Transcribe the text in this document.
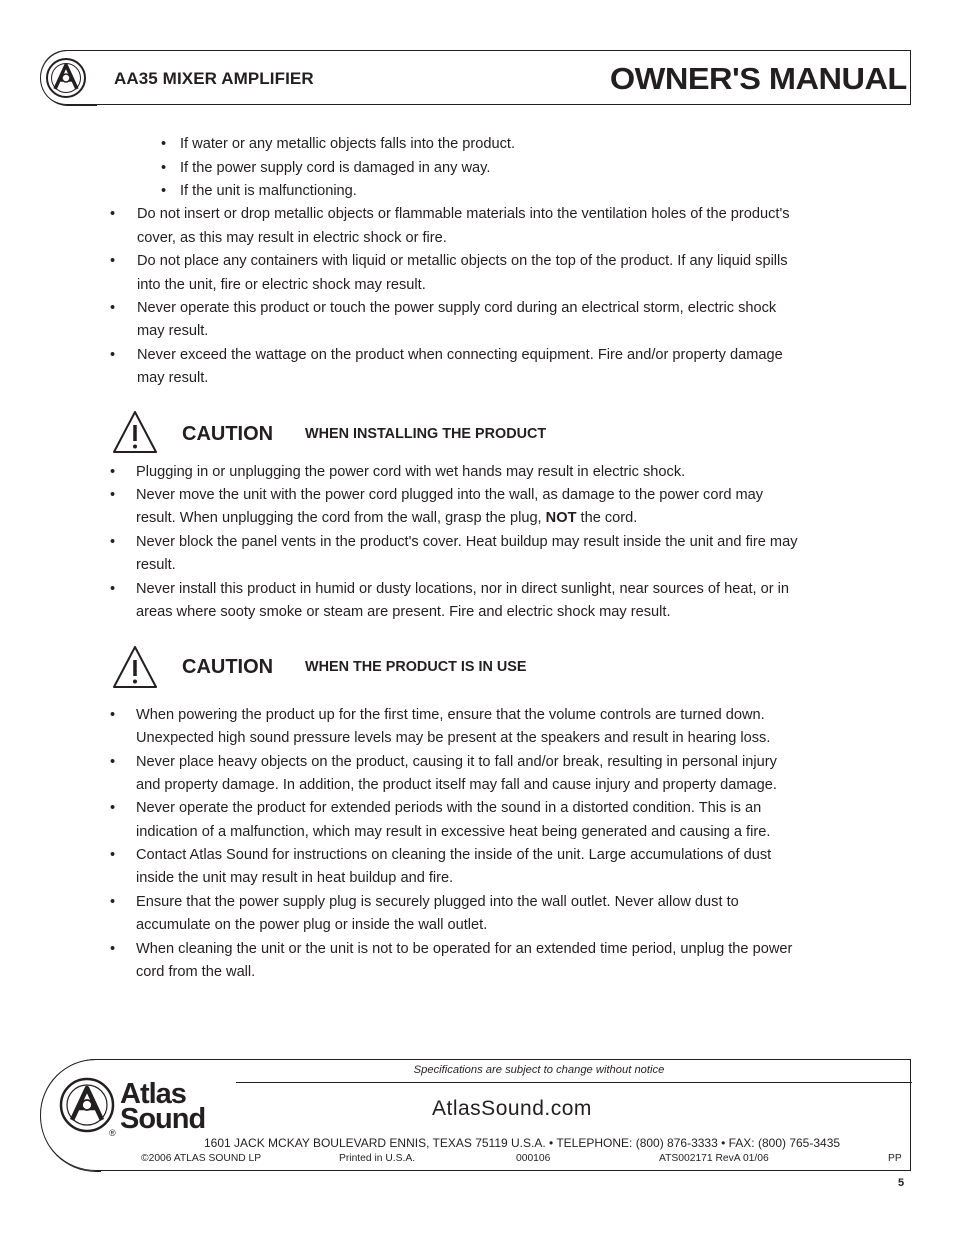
AA35 MIXER AMPLIFIER	OWNER'S MANUAL
• If water or any metallic objects falls into the product.
• If the power supply cord is damaged in any way.
• If the unit is malfunctioning.
• Do not insert or drop metallic objects or flammable materials into the ventilation holes of the product's
cover, as this may result in electric shock or fire.
• Do not place any containers with liquid or metallic objects on the top of the product. If any liquid spills
into the unit, fire or electric shock may result.
• Never operate this product or touch the power supply cord during an electrical storm, electric shock
may result.
• Never exceed the wattage on the product when connecting equipment. Fire and/or property damage
may result.
CAUTION WHEN INSTALLING THE PRODUCT
• Plugging in or unplugging the power cord with wet hands may result in electric shock.
• Never move the unit with the power cord plugged into the wall, as damage to the power cord may
result. When unplugging the cord from the wall, grasp the plug, NOT the cord.
• Never block the panel vents in the product's cover. Heat buildup may result inside the unit and fire may
result.
• Never install this product in humid or dusty locations, nor in direct sunlight, near sources of heat, or in
areas where sooty smoke or steam are present. Fire and electric shock may result.
CAUTION WHEN THE PRODUCT IS IN USE
• When powering the product up for the first time, ensure that the volume controls are turned down.
Unexpected high sound pressure levels may be present at the speakers and result in hearing loss.
• Never place heavy objects on the product, causing it to fall and/or break, resulting in personal injury
and property damage. In addition, the product itself may fall and cause injury and property damage.
• Never operate the product for extended periods with the sound in a distorted condition. This is an
indication of a malfunction, which may result in excessive heat being generated and causing a fire.
• Contact Atlas Sound for instructions on cleaning the inside of the unit. Large accumulations of dust
inside the unit may result in heat buildup and fire.
• Ensure that the power supply plug is securely plugged into the wall outlet. Never allow dust to
accumulate on the power plug or inside the wall outlet.
• When cleaning the unit or the unit is not to be operated for an extended time period, unplug the power
cord from the wall.
Specifications are subject to change without notice
Atlas
Sound
®
AtlasSound.com
1601 JACK MCKAY BOULEVARD ENNIS, TEXAS 75119 U.S.A. • TELEPHONE: (800) 876-3333 • FAX: (800) 765-3435
©2006 ATLAS SOUND LP	Printed in U.S.A.	000106	ATS002171 RevA 01/06	PP
5
